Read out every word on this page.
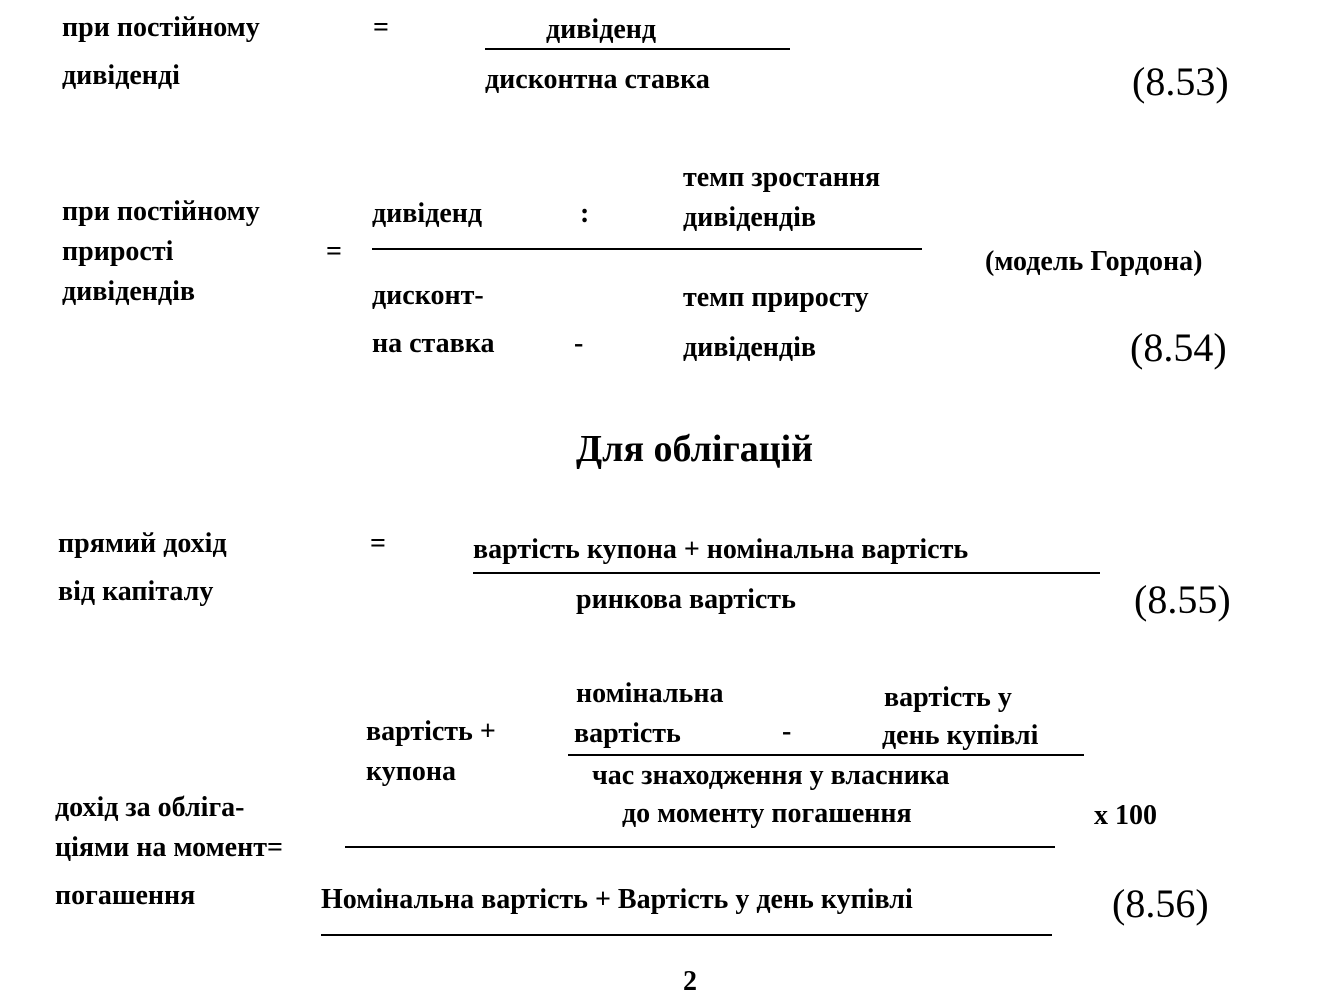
при постійному
дивіденді
=	дивіденд
дисконтна ставка	(8.53)
при постійному
прирості
дивідендів
=
дивіденд	:
темп зростання
дивідендів
дисконт-
на ставка	-
темп приросту
дивідендів
(модель Гордона)
(8.54)
Для облігацій
прямий дохід
від капіталу
=	вартість купона + номінальна вартість
ринкова вартість	(8.55)
номінальна	вартість у
вартість +	вартість	-	день купівлі
купона	час знаходження у власника
до моменту погашення
дохід за облiга-	х 100
ціями на момент=
погашення	Номінальна вартість + Вартість у день купівлі	(8.56)
2
